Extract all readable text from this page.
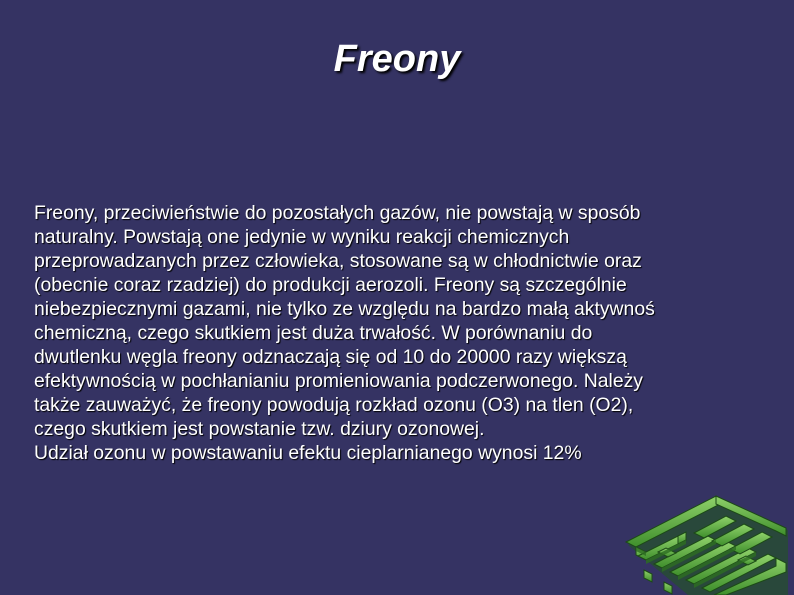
Freony
Freony, przeciwieństwie do pozostałych gazów, nie powstają w sposób
naturalny. Powstają one jedynie w wyniku reakcji chemicznych
przeprowadzanych przez człowieka, stosowane są w chłodnictwie oraz
(obecnie coraz rzadziej) do produkcji aerozoli. Freony są szczególnie
niebezpiecznymi gazami, nie tylko ze względu na bardzo małą aktywnoś
chemiczną, czego skutkiem jest duża trwałość. W porównaniu do
dwutlenku węgla freony odznaczają się od 10 do 20000 razy większą
efektywnością w pochłanianiu promieniowania podczerwonego. Należy
także zauważyć, że freony powodują rozkład ozonu (O3) na tlen (O2),
czego skutkiem jest powstanie tzw. dziury ozonowej.
Udział ozonu w powstawaniu efektu cieplarnianego wynosi 12%
